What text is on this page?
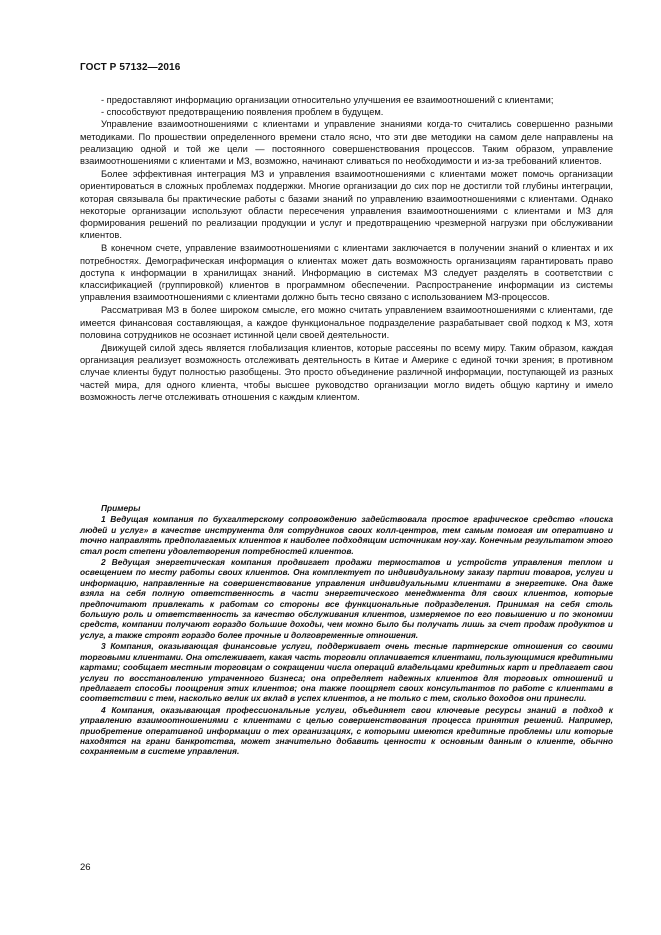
ГОСТ Р 57132—2016

- предоставляют информацию организации относительно улучшения ее взаимоотношений с клиентами;

- способствуют предотвращению появления проблем в будущем.

Управление взаимоотношениями с клиентами и управление знаниями когда-то считались совершенно разными методиками. По прошествии определенного времени стало ясно, что эти две методики на самом деле направлены на реализацию одной и той же цели — постоянного совершенствования процессов. Таким образом, управление взаимоотношениями с клиентами и МЗ, возможно, начинают сливаться по необходимости и из-за требований клиентов.

Более эффективная интеграция МЗ и управления взаимоотношениями с клиентами может помочь организации ориентироваться в сложных проблемах поддержки. Многие организации до сих пор не достигли той глубины интеграции, которая связывала бы практические работы с базами знаний по управлению взаимоотношениями с клиентами. Однако некоторые организации используют области пересечения управления взаимоотношениями с клиентами и МЗ для формирования решений по реализации продукции и услуг и предотвращению чрезмерной нагрузки при обслуживании клиентов.

В конечном счете, управление взаимоотношениями с клиентами заключается в получении знаний о клиентах и их потребностях. Демографическая информация о клиентах может дать возможность организациям гарантировать право доступа к информации в хранилищах знаний. Информацию в системах МЗ следует разделять в соответствии с классификацией (группировкой) клиентов в программном обеспечении. Распространение информации из системы управления взаимоотношениями с клиентами должно быть тесно связано с использованием МЗ-процессов.

Рассматривая МЗ в более широком смысле, его можно считать управлением взаимоотношениями с клиентами, где имеется финансовая составляющая, а каждое функциональное подразделение разрабатывает свой подход к МЗ, хотя половина сотрудников не осознает истинной цели своей деятельности.

Движущей силой здесь является глобализация клиентов, которые рассеяны по всему миру. Таким образом, каждая организация реализует возможность отслеживать деятельность в Китае и Америке с единой точки зрения; в противном случае клиенты будут полностью разобщены. Это просто объединение различной информации, поступающей из разных частей мира, для одного клиента, чтобы высшее руководство организации могло видеть общую картину и имело возможность легче отслеживать отношения с каждым клиентом.

Примеры

1 Ведущая компания по бухгалтерскому сопровождению задействовала простое графическое средство «поиска людей и услуг» в качестве инструмента для сотрудников своих колл-центров, тем самым помогая им оперативно и точно направлять предполагаемых клиентов к наиболее подходящим источникам ноу-хау. Конечным результатом этого стал рост степени удовлетворения потребностей клиентов.

2 Ведущая энергетическая компания продвигает продажи термостатов и устройств управления теплом и освещением по месту работы своих клиентов. Она комплектует по индивидуальному заказу партии товаров, услуги и информацию, направленные на совершенствование управления индивидуальными клиентами в энергетике. Она даже взяла на себя полную ответственность в части энергетического менеджмента для своих клиентов, которые предпочитают привлекать к работам со стороны все функциональные подразделения. Принимая на себя столь большую роль и ответственность за качество обслуживания клиентов, измеряемое по его повышению и по экономии средств, компании получают гораздо большие доходы, чем можно было бы получать лишь за счет продаж продуктов и услуг, а также строят гораздо более прочные и долговременные отношения.

3 Компания, оказывающая финансовые услуги, поддерживает очень тесные партнерские отношения со своими торговыми клиентами. Она отслеживает, какая часть торговли оплачивается клиентами, пользующимися кредитными картами; сообщает местным торговцам о сокращении числа операций владельцами кредитных карт и предлагает свои услуги по восстановлению утраченного бизнеса; она определяет надежных клиентов для торговых отношений и предлагает способы поощрения этих клиентов; она также поощряет своих консультантов по работе с клиентами в соответствии с тем, насколько велик их вклад в успех клиентов, а не только с тем, сколько доходов они принесли.

4 Компания, оказывающая профессиональные услуги, объединяет свои ключевые ресурсы знаний в подход к управлению взаимоотношениями с клиентами с целью совершенствования процесса принятия решений. Например, приобретение оперативной информации о тех организациях, с которыми имеются кредитные проблемы или которые находятся на грани банкротства, может значительно добавить ценности к основным данным о клиенте, обычно сохраняемым в системе управления.

26
